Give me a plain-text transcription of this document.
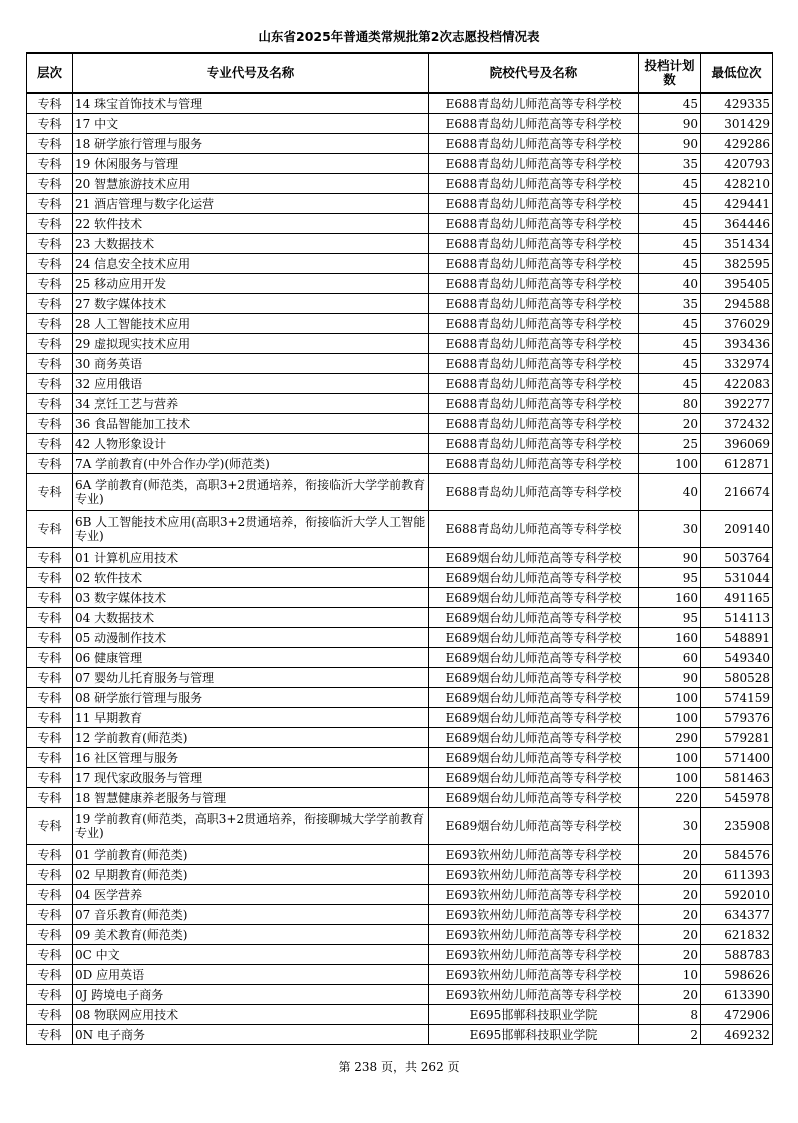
山东省2025年普通类常规批第2次志愿投档情况表
层次	专业代号及名称	院校代号及名称	投档计划数	最低位次
专科	14 珠宝首饰技术与管理	E688青岛幼儿师范高等专科学校	45	429335
专科	17 中文	E688青岛幼儿师范高等专科学校	90	301429
专科	18 研学旅行管理与服务	E688青岛幼儿师范高等专科学校	90	429286
专科	19 休闲服务与管理	E688青岛幼儿师范高等专科学校	35	420793
专科	20 智慧旅游技术应用	E688青岛幼儿师范高等专科学校	45	428210
专科	21 酒店管理与数字化运营	E688青岛幼儿师范高等专科学校	45	429441
专科	22 软件技术	E688青岛幼儿师范高等专科学校	45	364446
专科	23 大数据技术	E688青岛幼儿师范高等专科学校	45	351434
专科	24 信息安全技术应用	E688青岛幼儿师范高等专科学校	45	382595
专科	25 移动应用开发	E688青岛幼儿师范高等专科学校	40	395405
专科	27 数字媒体技术	E688青岛幼儿师范高等专科学校	35	294588
专科	28 人工智能技术应用	E688青岛幼儿师范高等专科学校	45	376029
专科	29 虚拟现实技术应用	E688青岛幼儿师范高等专科学校	45	393436
专科	30 商务英语	E688青岛幼儿师范高等专科学校	45	332974
专科	32 应用俄语	E688青岛幼儿师范高等专科学校	45	422083
专科	34 烹饪工艺与营养	E688青岛幼儿师范高等专科学校	80	392277
专科	36 食品智能加工技术	E688青岛幼儿师范高等专科学校	20	372432
专科	42 人物形象设计	E688青岛幼儿师范高等专科学校	25	396069
专科	7A 学前教育(中外合作办学)(师范类)	E688青岛幼儿师范高等专科学校	100	612871
专科	6A 学前教育(师范类，高职3+2贯通培养，衔接临沂大学学前教育专业)	E688青岛幼儿师范高等专科学校	40	216674
专科	6B 人工智能技术应用(高职3+2贯通培养，衔接临沂大学人工智能专业)	E688青岛幼儿师范高等专科学校	30	209140
专科	01 计算机应用技术	E689烟台幼儿师范高等专科学校	90	503764
专科	02 软件技术	E689烟台幼儿师范高等专科学校	95	531044
专科	03 数字媒体技术	E689烟台幼儿师范高等专科学校	160	491165
专科	04 大数据技术	E689烟台幼儿师范高等专科学校	95	514113
专科	05 动漫制作技术	E689烟台幼儿师范高等专科学校	160	548891
专科	06 健康管理	E689烟台幼儿师范高等专科学校	60	549340
专科	07 婴幼儿托育服务与管理	E689烟台幼儿师范高等专科学校	90	580528
专科	08 研学旅行管理与服务	E689烟台幼儿师范高等专科学校	100	574159
专科	11 早期教育	E689烟台幼儿师范高等专科学校	100	579376
专科	12 学前教育(师范类)	E689烟台幼儿师范高等专科学校	290	579281
专科	16 社区管理与服务	E689烟台幼儿师范高等专科学校	100	571400
专科	17 现代家政服务与管理	E689烟台幼儿师范高等专科学校	100	581463
专科	18 智慧健康养老服务与管理	E689烟台幼儿师范高等专科学校	220	545978
专科	19 学前教育(师范类，高职3+2贯通培养，衔接聊城大学学前教育专业)	E689烟台幼儿师范高等专科学校	30	235908
专科	01 学前教育(师范类)	E693钦州幼儿师范高等专科学校	20	584576
专科	02 早期教育(师范类)	E693钦州幼儿师范高等专科学校	20	611393
专科	04 医学营养	E693钦州幼儿师范高等专科学校	20	592010
专科	07 音乐教育(师范类)	E693钦州幼儿师范高等专科学校	20	634377
专科	09 美术教育(师范类)	E693钦州幼儿师范高等专科学校	20	621832
专科	0C 中文	E693钦州幼儿师范高等专科学校	20	588783
专科	0D 应用英语	E693钦州幼儿师范高等专科学校	10	598626
专科	0J 跨境电子商务	E693钦州幼儿师范高等专科学校	20	613390
专科	08 物联网应用技术	E695邯郸科技职业学院	8	472906
专科	0N 电子商务	E695邯郸科技职业学院	2	469232
第 238 页，共 262 页
